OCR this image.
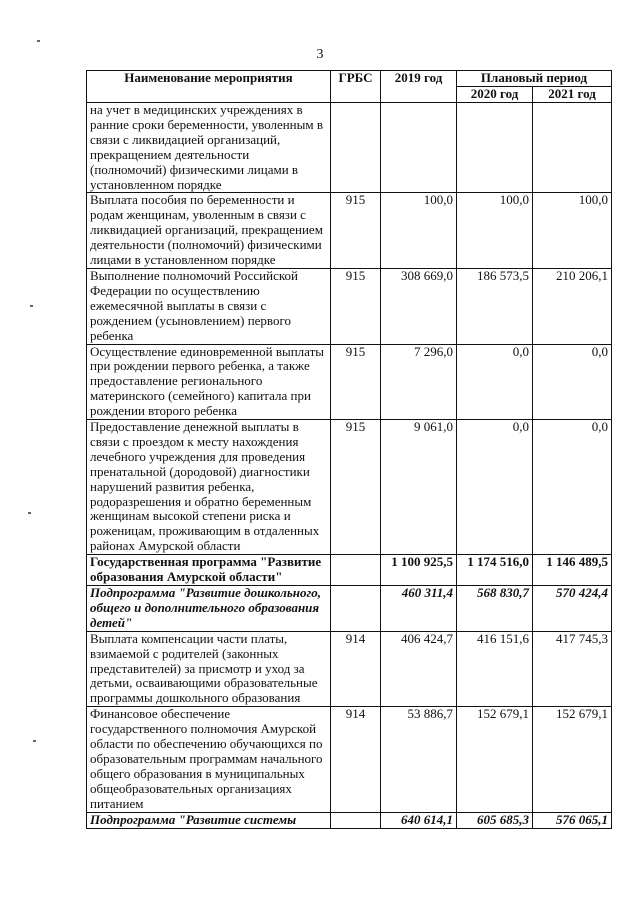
3
Наименование мероприятия	ГРБС	2019 год	Плановый период	
			2020 год	2021 год
на учет в медицинских учреждениях в ранние сроки беременности, уволенным в связи с ликвидацией организаций, прекращением деятельности (полномочий) физическими лицами в установленном порядке				
Выплата пособия по беременности и родам женщинам, уволенным в связи с ликвидацией организаций, прекращением деятельности (полномочий) физическими лицами в установленном порядке	915	100,0	100,0	100,0
Выполнение полномочий Российской Федерации по осуществлению ежемесячной выплаты в связи с рождением (усыновлением) первого ребенка	915	308 669,0	186 573,5	210 206,1
Осуществление единовременной выплаты при рождении первого ребенка, а также предоставление регионального материнского (семейного) капитала при рождении второго ребенка	915	7 296,0	0,0	0,0
Предоставление денежной выплаты в связи с проездом к месту нахождения лечебного учреждения для проведения пренатальной (дородовой) диагностики нарушений развития ребенка, родоразрешения и обратно беременным женщинам высокой степени риска и роженицам, проживающим в отдаленных районах Амурской области	915	9 061,0	0,0	0,0
Государственная программа "Развитие образования Амурской области"		1 100 925,5	1 174 516,0	1 146 489,5
Подпрограмма "Развитие дошкольного, общего и дополнительного образования детей"		460 311,4	568 830,7	570 424,4
Выплата компенсации части платы, взимаемой с родителей (законных представителей) за присмотр и уход за детьми, осваивающими образовательные программы дошкольного образования	914	406 424,7	416 151,6	417 745,3
Финансовое обеспечение государственного полномочия Амурской области по обеспечению обучающихся по образовательным программам начального общего образования в муниципальных общеобразовательных организациях питанием	914	53 886,7	152 679,1	152 679,1
Подпрограмма "Развитие системы		640 614,1	605 685,3	576 065,1
